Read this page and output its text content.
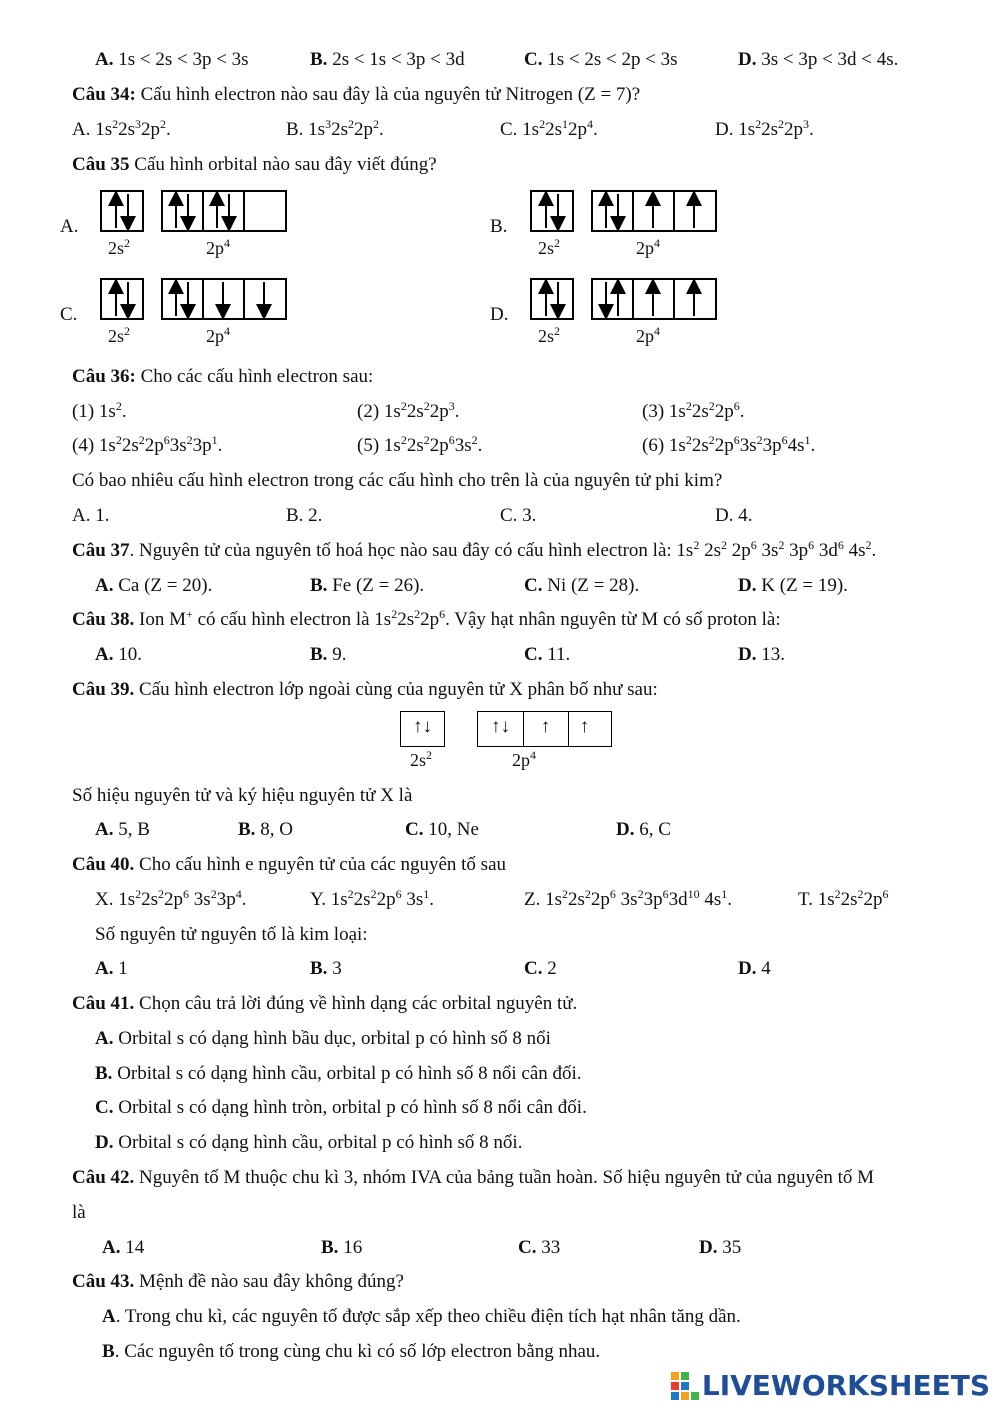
A. 1s < 2s < 3p < 3s	B. 2s < 1s < 3p < 3d	C. 1s < 2s < 2p < 3s	D. 3s < 3p < 3d < 4s.
Câu 34: Cấu hình electron nào sau đây là của nguyên tử Nitrogen (Z = 7)?
A. $1s^22s^32p^2$.	B. $1s^32s^22p^2$.	C. $1s^22s^12p^4$.	D. $1s^22s^22p^3$.
Câu 35 Cấu hình orbital nào sau đây viết đúng?
A.
$2s^2$	$2p^4$
B.
$2s^2$	$2p^4$
C.
$2s^2$	$2p^4$
D.
$2s^2$	$2p^4$
Câu 36: Cho các cấu hình electron sau:
(1) $1s^2$.	(2) $1s^22s^22p^3$.	(3) $1s^22s^22p^6$.
(4) $1s^22s^22p^63s^23p^1$.	(5) $1s^22s^22p^63s^2$.	(6) $1s^22s^22p^63s^23p^64s^1$.
Có bao nhiêu cấu hình electron trong các cấu hình cho trên là của nguyên tử phi kim?
A. 1.	B. 2.	C. 3.	D. 4.
Câu 37. Nguyên tử của nguyên tố hoá học nào sau đây có cấu hình electron là: $1s^2$ $2s^2$ $2p^6$ $3s^2$ $3p^6$ $3d^6$ $4s^2$.
A. Ca (Z = 20).	B. Fe (Z = 26).	C. Ni (Z = 28).	D. K (Z = 19).
Câu 38. Ion M+ có cấu hình electron là $1s^22s^22p^6$. Vậy hạt nhân nguyên từ M có số proton là:
A. 10.	B. 9.	C. 11.	D. 13.
Câu 39. Cấu hình electron lớp ngoài cùng của nguyên tử X phân bố như sau:
↑↓	↑↓	↑	↑
$2s^2$	$2p^4$
Số hiệu nguyên tử và ký hiệu nguyên tử X là
A. 5, B	B. 8, O	C. 10, Ne	D. 6, C
Câu 40. Cho cấu hình e nguyên tử của các nguyên tố sau
X. $1s^22s^22p^6$ $3s^23p^4$.	Y. $1s^22s^22p^6$ $3s^1$.	Z. $1s^22s^22p^6$ $3s^23p^63d^{10}$ $4s^1$.	T. $1s^22s^22p^6$
Số nguyên tử nguyên tố là kim loại:
A. 1	B. 3	C. 2	D. 4
Câu 41. Chọn câu trả lời đúng về hình dạng các orbital nguyên tử.
A. Orbital s có dạng hình bầu dục, orbital p có hình số 8 nổi
B. Orbital s có dạng hình cầu, orbital p có hình số 8 nổi cân đối.
C. Orbital s có dạng hình tròn, orbital p có hình số 8 nổi cân đối.
D. Orbital s có dạng hình cầu, orbital p có hình số 8 nổi.
Câu 42. Nguyên tố M thuộc chu kì 3, nhóm IVA của bảng tuần hoàn. Số hiệu nguyên tử của nguyên tố M
là
A. 14	B. 16	C. 33	D. 35
Câu 43. Mệnh đề nào sau đây không đúng?
A. Trong chu kì, các nguyên tố được sắp xếp theo chiều điện tích hạt nhân tăng dần.
B. Các nguyên tố trong cùng chu kì có số lớp electron bằng nhau.
LIVEWORKSHEETS
